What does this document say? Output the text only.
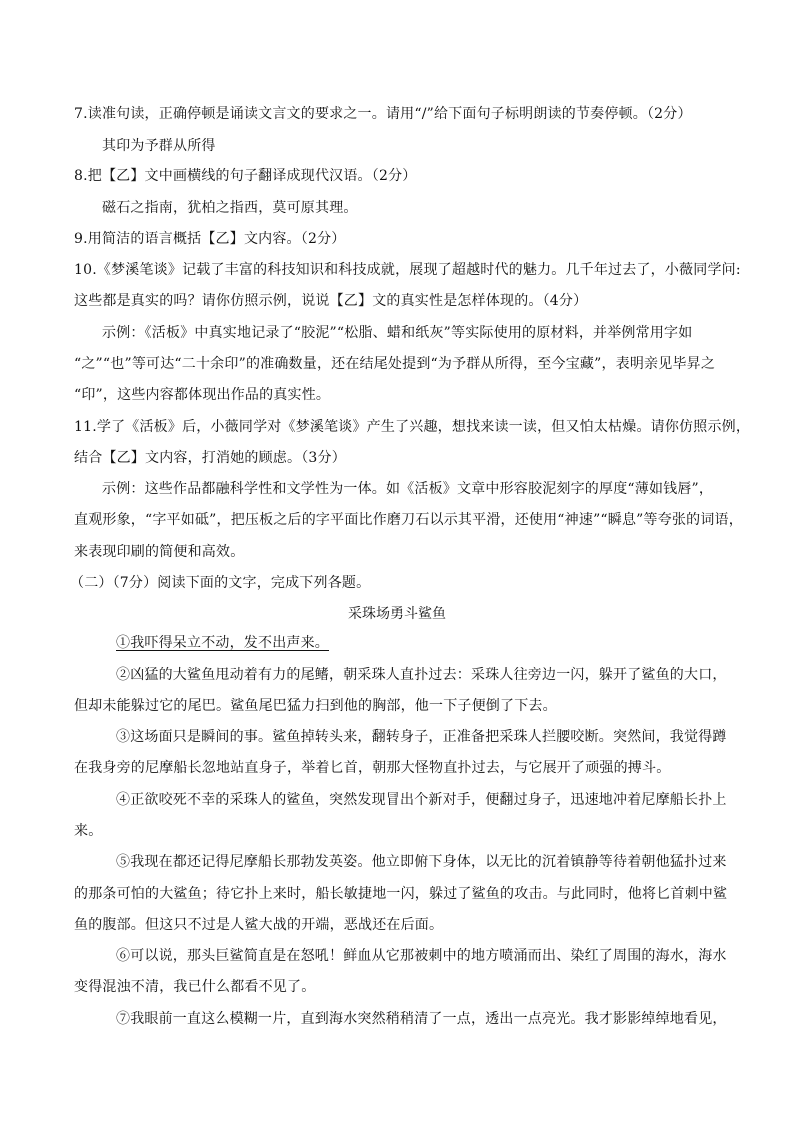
7.读准句读，正确停顿是诵读文言文的要求之一。请用“/”给下面句子标明朗读的节奏停顿。（2分）
其印为予群从所得
8.把【乙】文中画横线的句子翻译成现代汉语。（2分）
磁石之指南，犹柏之指西，莫可原其理。
9.用简洁的语言概括【乙】文内容。（2分）
10.《梦溪笔谈》记载了丰富的科技知识和科技成就，展现了超越时代的魅力。几千年过去了，小薇同学问:
这些都是真实的吗？请你仿照示例，说说【乙】文的真实性是怎样体现的。（4分）
示例：《活板》中真实地记录了“胶泥”“松脂、蜡和纸灰”等实际使用的原材料，并举例常用字如
“之”“也”等可达“二十余印”的准确数量，还在结尾处提到“为予群从所得，至今宝藏”，表明亲见毕昇之
“印”，这些内容都体现出作品的真实性。
11.学了《活板》后，小薇同学对《梦溪笔谈》产生了兴趣，想找来读一读，但又怕太枯燥。请你仿照示例，
结合【乙】文内容，打消她的顾虑。（3分）
示例：这些作品都融科学性和文学性为一体。如《活板》文章中形容胶泥刻字的厚度“薄如钱唇”，
直观形象，“字平如砥”，把压板之后的字平面比作磨刀石以示其平滑，还使用“神速”“瞬息”等夸张的词语，
来表现印刷的简便和高效。
（二）（7分）阅读下面的文字，完成下列各题。
采珠场勇斗鲨鱼
①我吓得呆立不动，发不出声来。
②凶猛的大鲨鱼甩动着有力的尾鳍，朝采珠人直扑过去：采珠人往旁边一闪，躲开了鲨鱼的大口，
但却未能躲过它的尾巴。鲨鱼尾巴猛力扫到他的胸部，他一下子便倒了下去。
③这场面只是瞬间的事。鲨鱼掉转头来，翻转身子，正准备把采珠人拦腰咬断。突然间，我觉得蹲
在我身旁的尼摩船长忽地站直身子，举着匕首，朝那大怪物直扑过去，与它展开了顽强的搏斗。
④正欲咬死不幸的采珠人的鲨鱼，突然发现冒出个新对手，便翻过身子，迅速地冲着尼摩船长扑上
来。
⑤我现在都还记得尼摩船长那勃发英姿。他立即俯下身体，以无比的沉着镇静等待着朝他猛扑过来
的那条可怕的大鲨鱼；待它扑上来时，船长敏捷地一闪，躲过了鲨鱼的攻击。与此同时，他将匕首刺中鲨
鱼的腹部。但这只不过是人鲨大战的开端，恶战还在后面。
⑥可以说，那头巨鲨简直是在怒吼！鲜血从它那被刺中的地方喷涌而出、染红了周围的海水，海水
变得混浊不清，我已什么都看不见了。
⑦我眼前一直这么模糊一片，直到海水突然稍稍清了一点，透出一点亮光。我才影影绰绰地看见，
